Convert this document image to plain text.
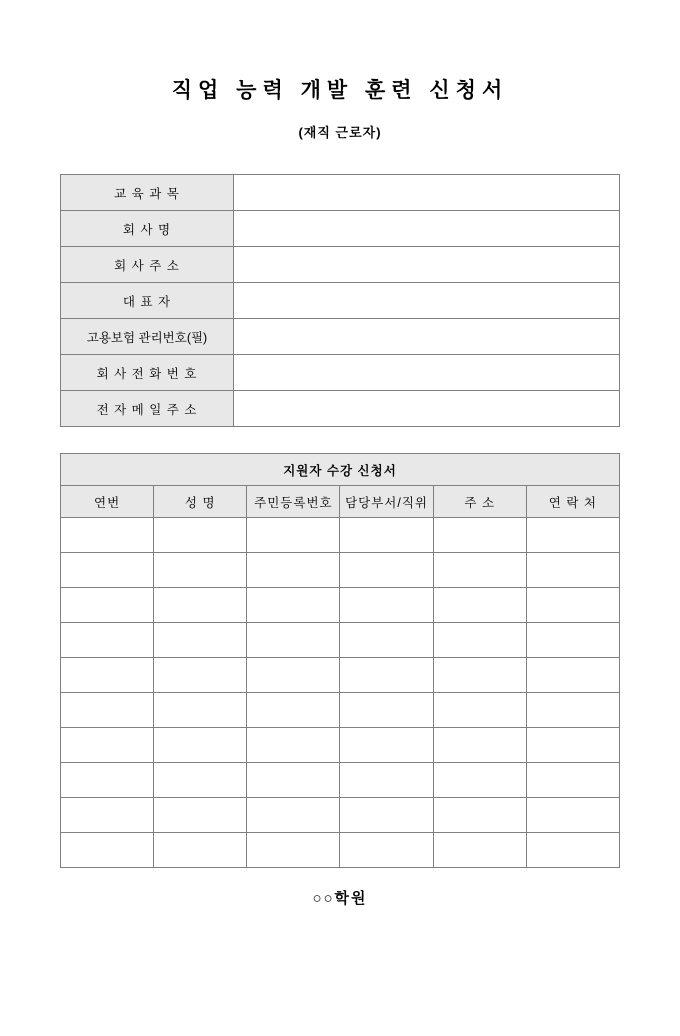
직업 능력 개발 훈련 신청서
(재직 근로자)
교 육 과 목	
회 사 명	
회 사 주 소	
대 표 자	
고용보험 관리번호(필)	
회 사 전 화 번 호	
전 자 메 일 주 소	
지원자 수강 신청서					
연번	성 명	주민등록번호	담당부서/직위	주 소	연 락 처

○○학원
